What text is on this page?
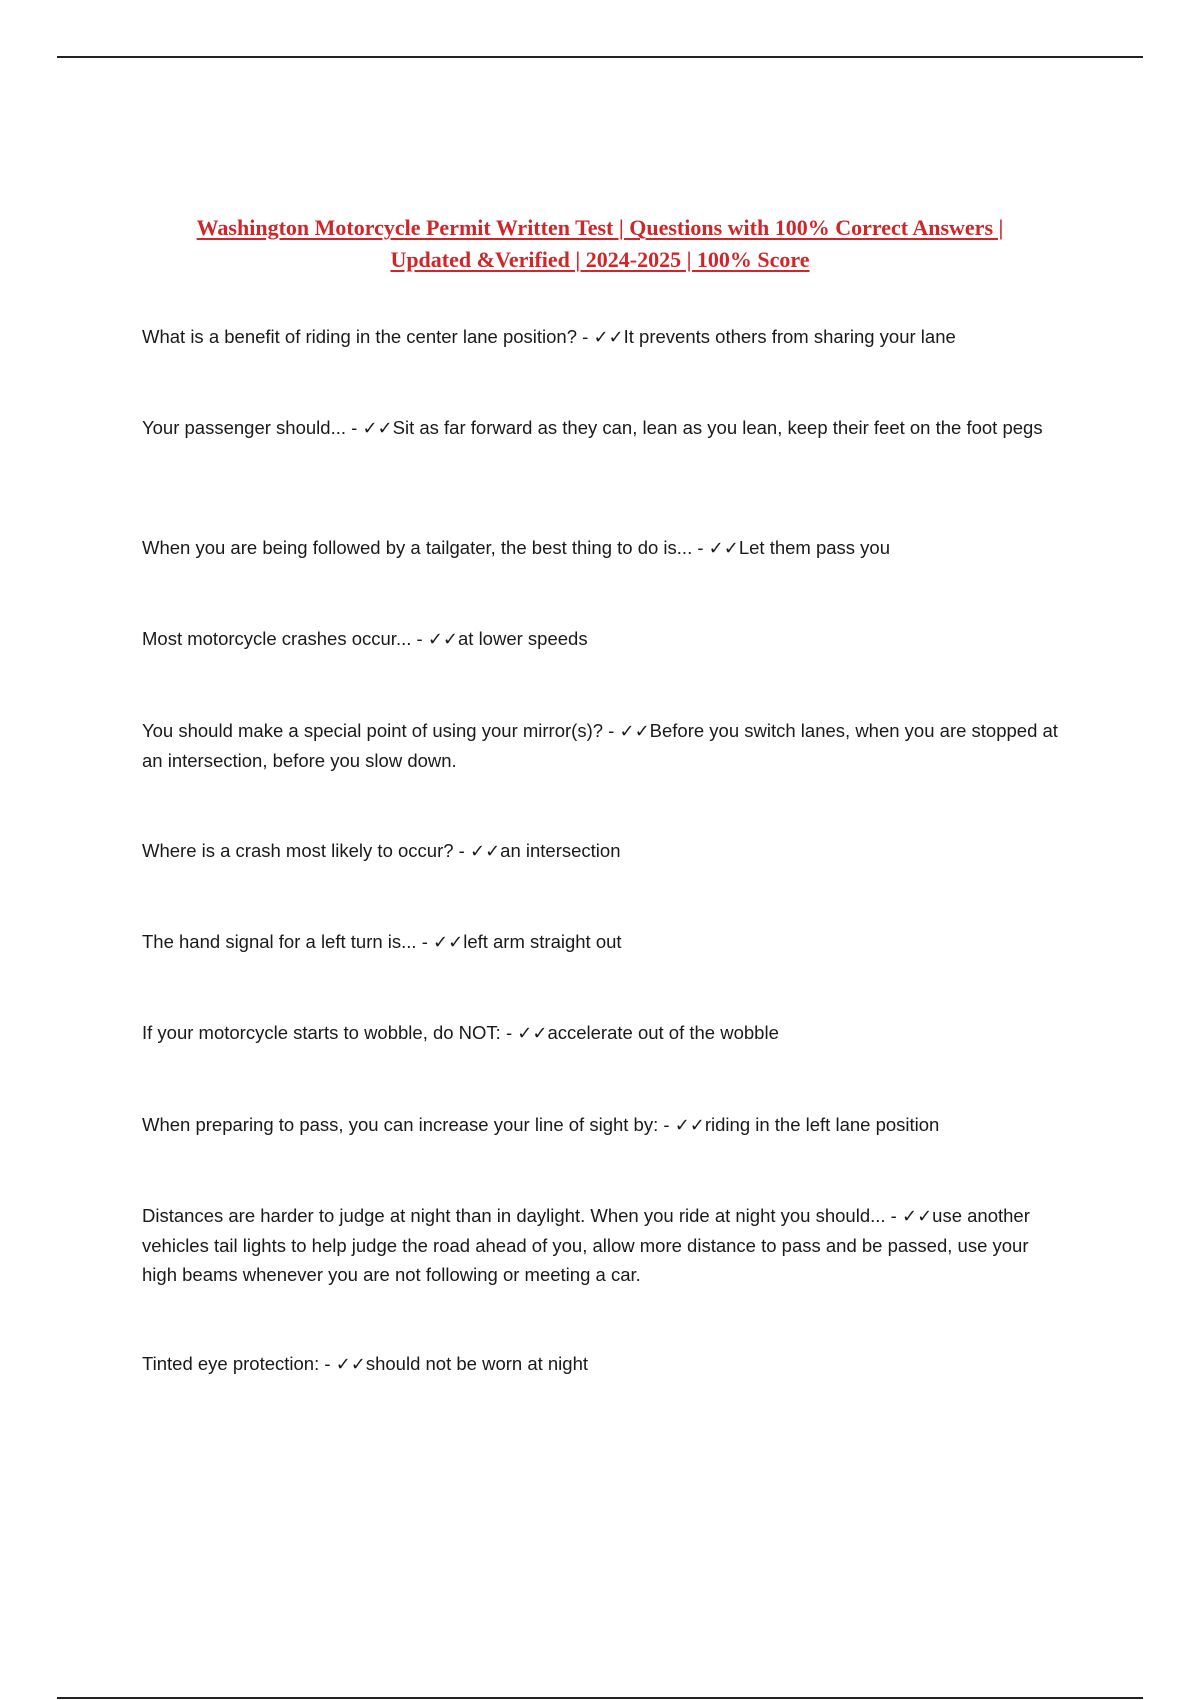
Washington Motorcycle Permit Written Test | Questions with 100% Correct Answers |
Updated &Verified | 2024-2025 | 100% Score
What is a benefit of riding in the center lane position? - ✓✓It prevents others from sharing your lane
Your passenger should... - ✓✓Sit as far forward as they can, lean as you lean, keep their feet on the foot pegs
When you are being followed by a tailgater, the best thing to do is... - ✓✓Let them pass you
Most motorcycle crashes occur... - ✓✓at lower speeds
You should make a special point of using your mirror(s)? - ✓✓Before you switch lanes, when you are stopped at an intersection, before you slow down.
Where is a crash most likely to occur? - ✓✓an intersection
The hand signal for a left turn is... - ✓✓left arm straight out
If your motorcycle starts to wobble, do NOT: - ✓✓accelerate out of the wobble
When preparing to pass, you can increase your line of sight by: - ✓✓riding in the left lane position
Distances are harder to judge at night than in daylight. When you ride at night you should... - ✓✓use another vehicles tail lights to help judge the road ahead of you, allow more distance to pass and be passed, use your high beams whenever you are not following or meeting a car.
Tinted eye protection: - ✓✓should not be worn at night
